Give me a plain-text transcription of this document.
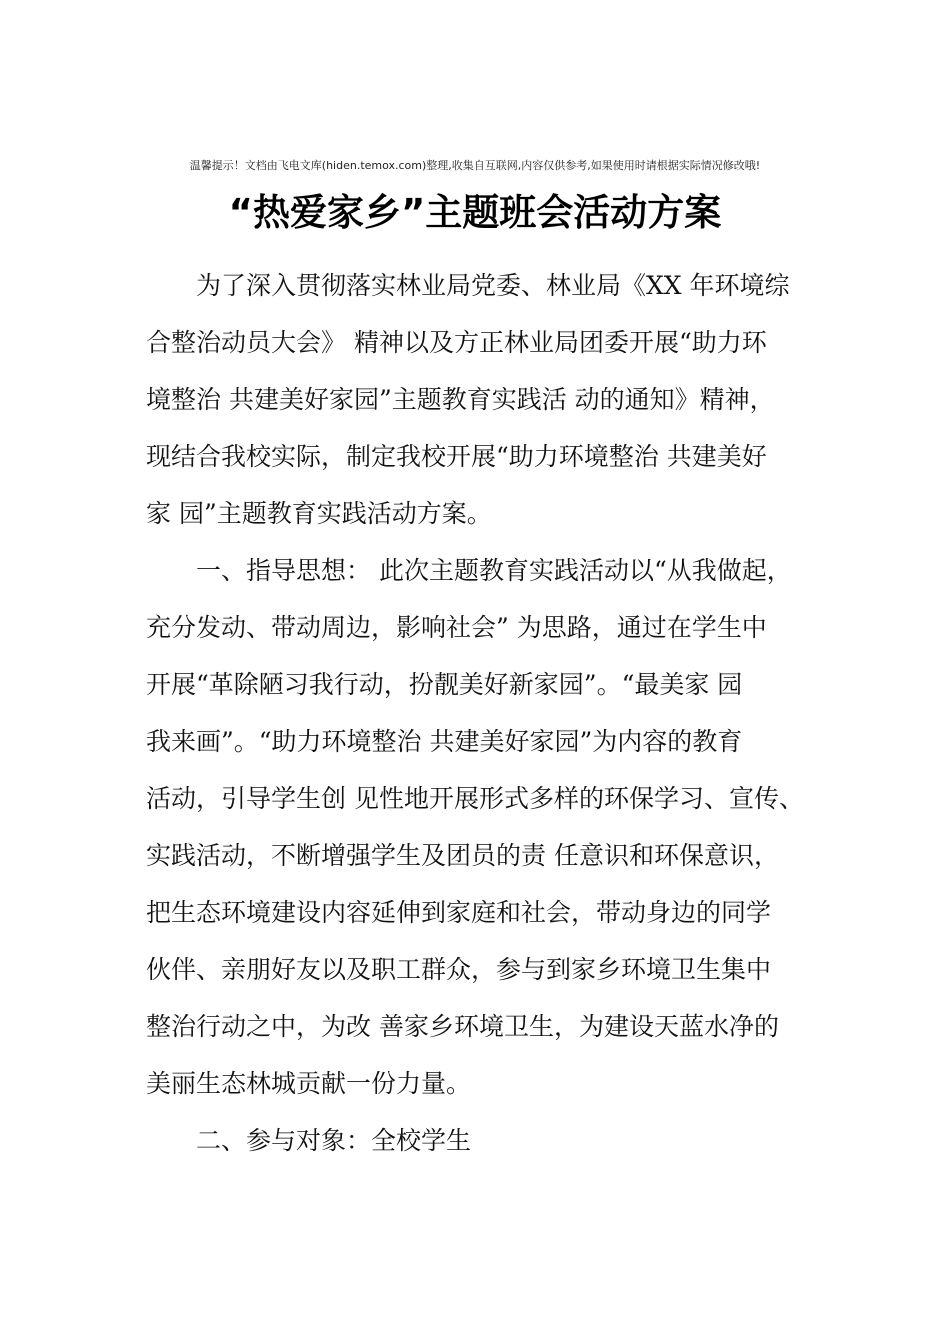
温馨提示！文档由飞电文库(hiden.temox.com)整理,收集自互联网,内容仅供参考,如果使用时请根据实际情况修改哦!
“热爱家乡”主题班会活动方案
为了深入贯彻落实林业局党委、林业局《XX 年环境综
合整治动员大会》 精神以及方正林业局团委开展“助力环
境整治 共建美好家园”主题教育实践活 动的通知》精神，
现结合我校实际，制定我校开展“助力环境整治 共建美好
家 园”主题教育实践活动方案。
一、指导思想： 此次主题教育实践活动以“从我做起，
充分发动、带动周边，影响社会” 为思路，通过在学生中
开展“革除陋习我行动，扮靓美好新家园”。“最美家 园
我来画”。“助力环境整治 共建美好家园”为内容的教育
活动，引导学生创 见性地开展形式多样的环保学习、宣传、
实践活动，不断增强学生及团员的责 任意识和环保意识，
把生态环境建设内容延伸到家庭和社会，带动身边的同学
伙伴、亲朋好友以及职工群众，参与到家乡环境卫生集中
整治行动之中，为改 善家乡环境卫生，为建设天蓝水净的
美丽生态林城贡献一份力量。
二、参与对象：全校学生
